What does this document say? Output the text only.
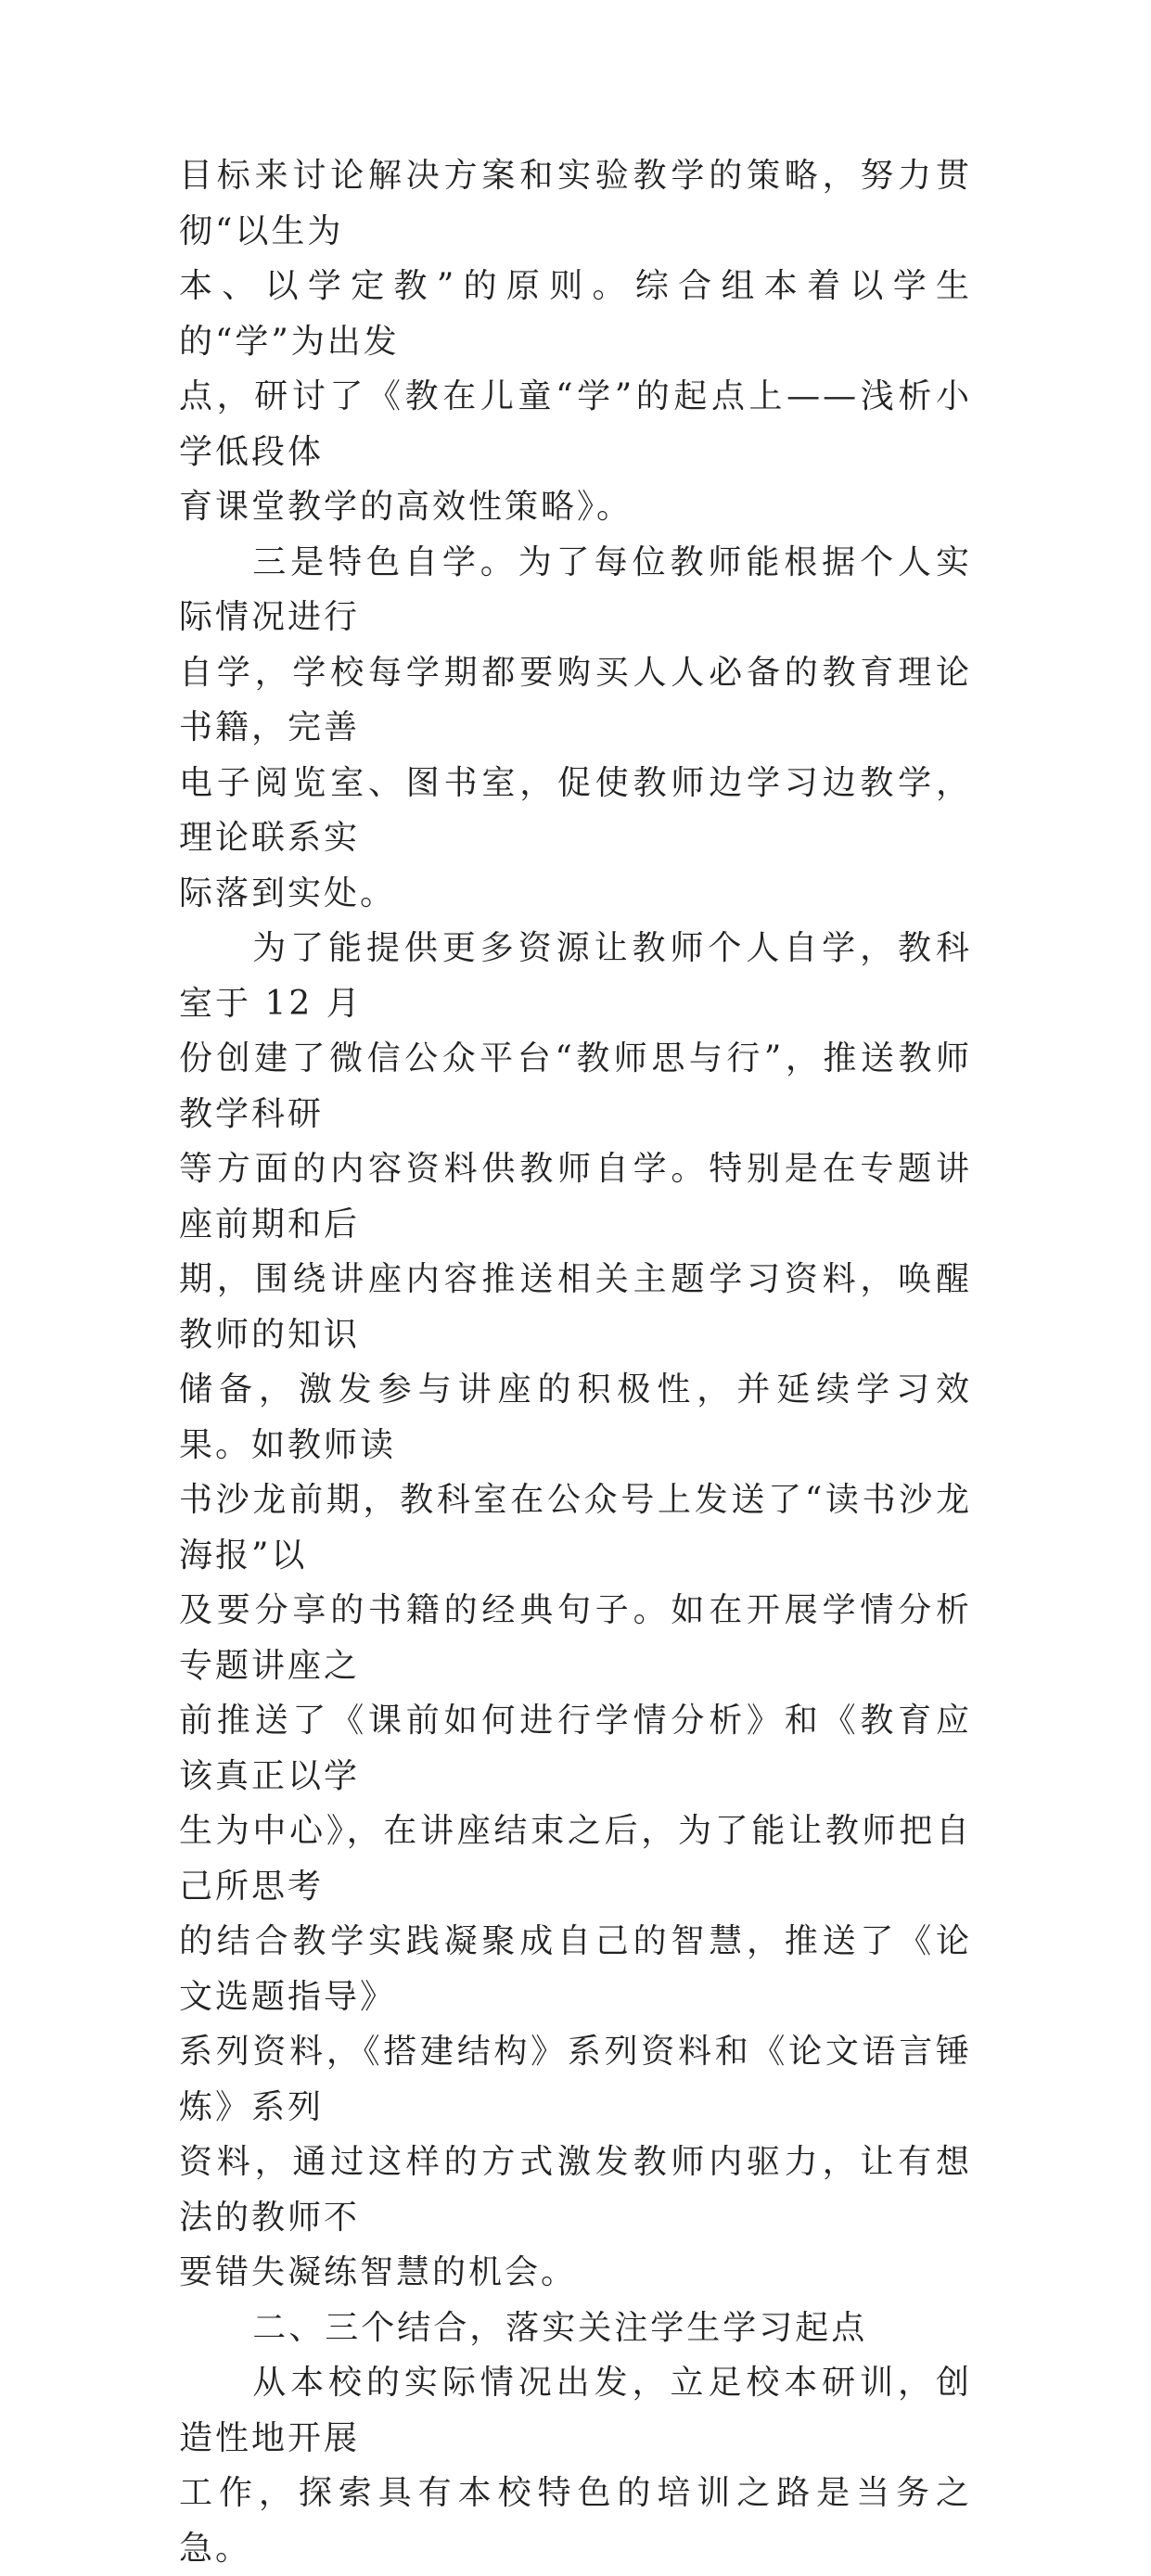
目标来讨论解决方案和实验教学的策略，努力贯彻“以生为
本、以学定教”的原则。综合组本着以学生的“学”为出发
点，研讨了《教在儿童“学”的起点上——浅析小学低段体
育课堂教学的高效性策略》。

三是特色自学。为了每位教师能根据个人实际情况进行
自学，学校每学期都要购买人人必备的教育理论书籍，完善
电子阅览室、图书室，促使教师边学习边教学，理论联系实
际落到实处。

为了能提供更多资源让教师个人自学，教科室于 12 月
份创建了微信公众平台“教师思与行”，推送教师教学科研
等方面的内容资料供教师自学。特别是在专题讲座前期和后
期，围绕讲座内容推送相关主题学习资料，唤醒教师的知识
储备，激发参与讲座的积极性，并延续学习效果。如教师读
书沙龙前期，教科室在公众号上发送了“读书沙龙海报”以
及要分享的书籍的经典句子。如在开展学情分析专题讲座之
前推送了《课前如何进行学情分析》和《教育应该真正以学
生为中心》，在讲座结束之后，为了能让教师把自己所思考
的结合教学实践凝聚成自己的智慧，推送了《论文选题指导》
系列资料，《搭建结构》系列资料和《论文语言锤炼》系列
资料，通过这样的方式激发教师内驱力，让有想法的教师不
要错失凝练智慧的机会。

二、三个结合，落实关注学生学习起点

从本校的实际情况出发，立足校本研训，创造性地开展
工作，探索具有本校特色的培训之路是当务之急。
